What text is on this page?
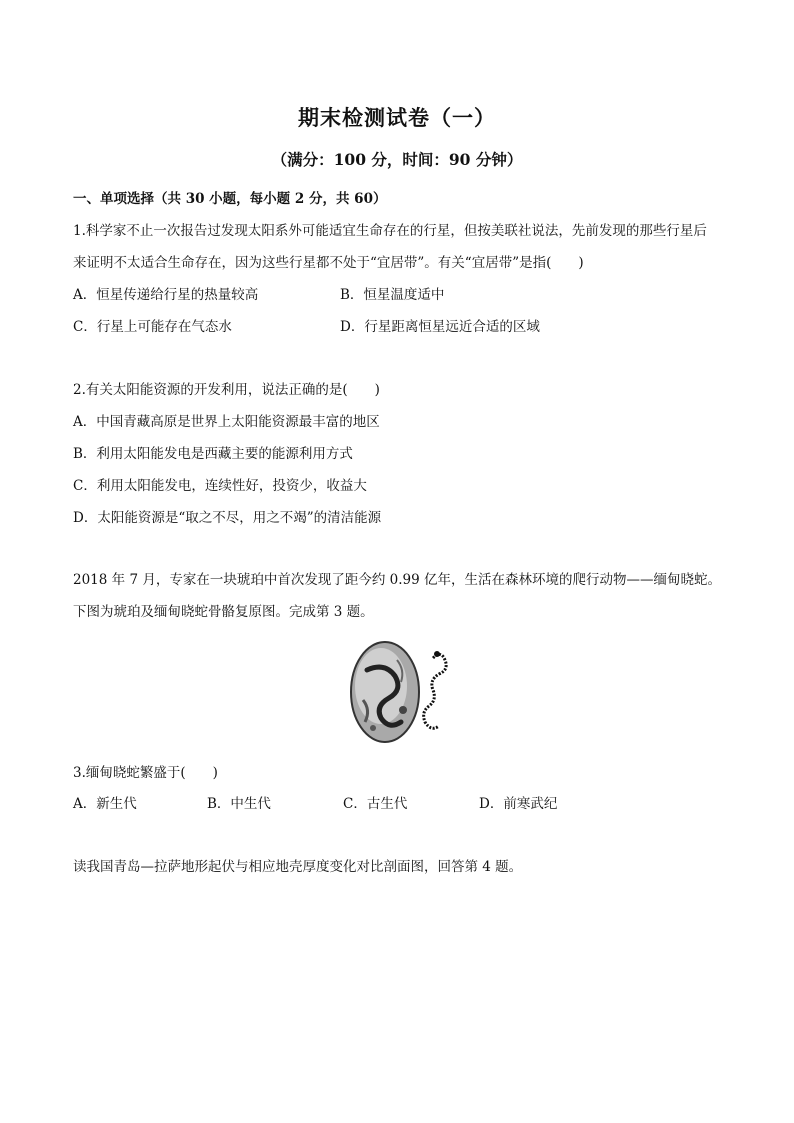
期末检测试卷（一）
（满分：100 分，时间：90 分钟）
一、单项选择（共 30 小题，每小题 2 分，共 60）
1.科学家不止一次报告过发现太阳系外可能适宜生命存在的行星，但按美联社说法，先前发现的那些行星后
来证明不太适合生命存在，因为这些行星都不处于“宜居带”。有关“宜居带”是指(　　)
A．恒星传递给行星的热量较高	B．恒星温度适中
C．行星上可能存在气态水	D．行星距离恒星远近合适的区域
2.有关太阳能资源的开发利用，说法正确的是(　　)
A．中国青藏高原是世界上太阳能资源最丰富的地区
B．利用太阳能发电是西藏主要的能源利用方式
C．利用太阳能发电，连续性好，投资少，收益大
D．太阳能资源是“取之不尽，用之不竭”的清洁能源
2018 年 7 月，专家在一块琥珀中首次发现了距今约 0.99 亿年，生活在森林环境的爬行动物——缅甸晓蛇。
下图为琥珀及缅甸晓蛇骨骼复原图。完成第 3 题。
3.缅甸晓蛇繁盛于(　　)
A．新生代	B．中生代	C．古生代	D．前寒武纪
读我国青岛—拉萨地形起伏与相应地壳厚度变化对比剖面图，回答第 4 题。
